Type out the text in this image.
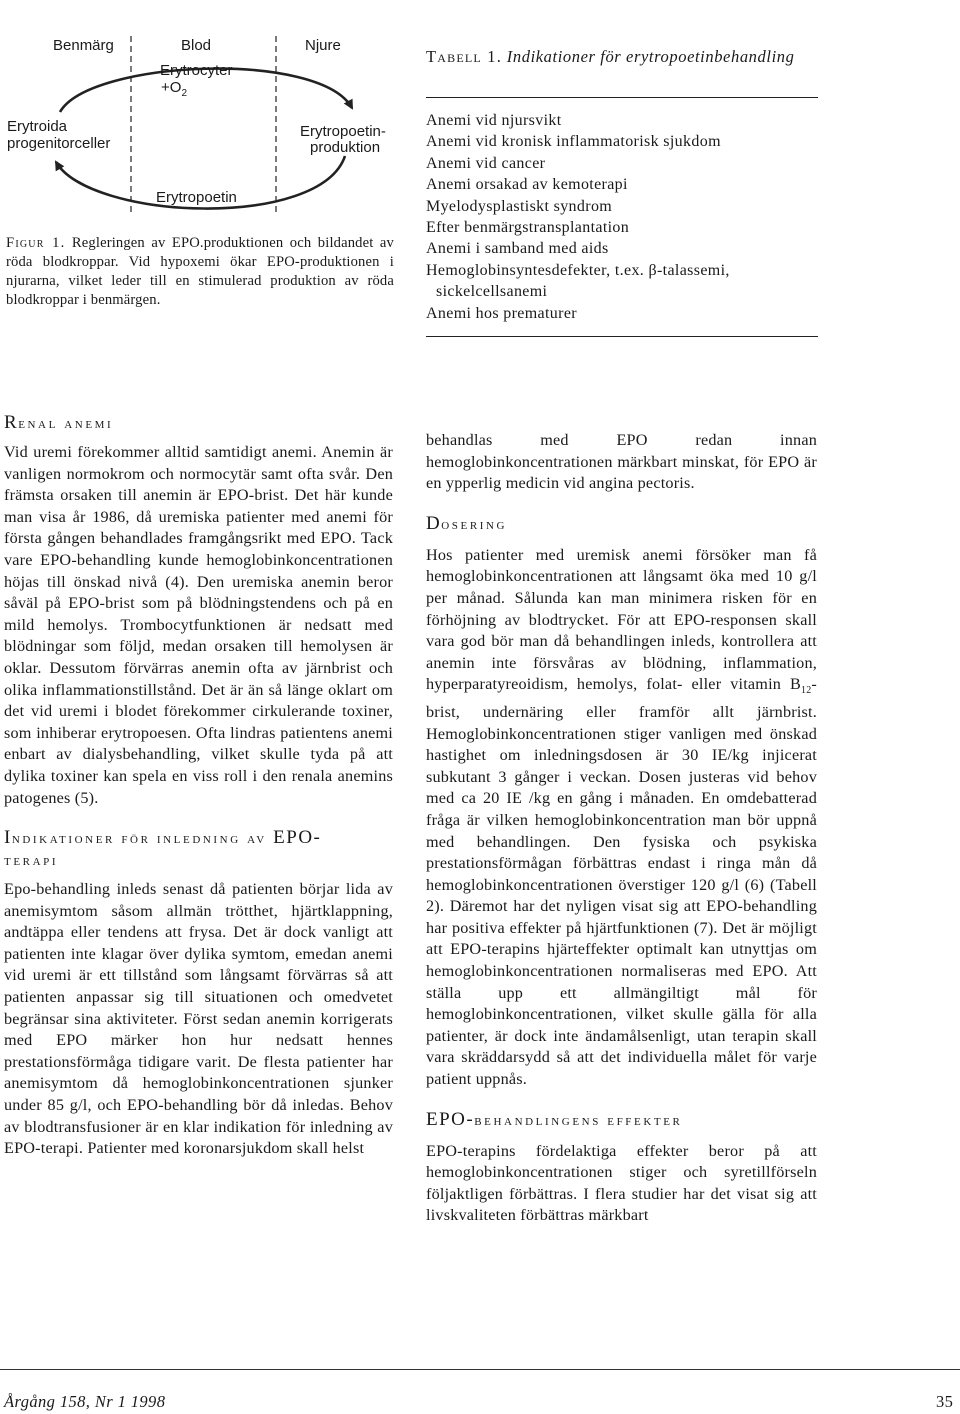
Benmärg	Blod	Njure
Erytrocyter
$+O_2$
Erytroida
progenitorceller
Erytropoetin-
produktion
Erytropoetin
Figur 1. Regleringen av EPO.produktionen och bildandet av röda blodkroppar. Vid hypoxemi ökar EPO-produktionen i njurarna, vilket leder till en stimulerad produktion av röda blodkroppar i benmärgen.
Tabell 1. Indikationer för erytropoetinbehandling
Anemi vid njursvikt
Anemi vid kronisk inflammatorisk sjukdom
Anemi vid cancer
Anemi orsakad av kemoterapi
Myelodysplastiskt syndrom
Efter benmärgstransplantation
Anemi i samband med aids
Hemoglobinsyntesdefekter, t.ex. β-talassemi,
sickelcellsanemi
Anemi hos prematurer
Renal anemi

Vid uremi förekommer alltid samtidigt anemi. Anemin är vanligen normokrom och normocytär samt ofta svår. Den främsta orsaken till anemin är EPO-brist. Det här kunde man visa år 1986, då uremiska patienter med anemi för första gången behandlades framgångsrikt med EPO. Tack vare EPO-behandling kunde hemoglobinkoncentrationen höjas till önskad nivå (4). Den uremiska anemin beror såväl på EPO-brist som på blödningstendens och på en mild hemolys. Trombocytfunktionen är nedsatt med blödningar som följd, medan orsaken till hemolysen är oklar. Dessutom förvärras anemin ofta av järnbrist och olika inflammationstillstånd. Det är än så länge oklart om det vid uremi i blodet förekommer cirkulerande toxiner, som inhiberar erytropoesen. Ofta lindras patientens anemi enbart av dialysbehandling, vilket skulle tyda på att dylika toxiner kan spela en viss roll i den renala anemins patogenes (5).

Indikationer för inledning av EPO-
terapi

Epo-behandling inleds senast då patienten börjar lida av anemisymtom såsom allmän trötthet, hjärtklappning, andtäppa eller tendens att frysa. Det är dock vanligt att patienten inte klagar över dylika symtom, emedan anemi vid uremi är ett tillstånd som långsamt förvärras så att patienten anpassar sig till situationen och omedvetet begränsar sina aktiviteter. Först sedan anemin korrigerats med EPO märker hon hur nedsatt hennes prestationsförmåga tidigare varit. De flesta patienter har anemisymtom då hemoglobinkoncentrationen sjunker under 85 g/l, och EPO-behandling bör då inledas. Behov av blodtransfusioner är en klar indikation för inledning av EPO-terapi. Patienter med koronarsjukdom skall helst

behandlas med EPO redan innan hemoglobinkoncentrationen märkbart minskat, för EPO är en ypperlig medicin vid angina pectoris.

Dosering

Hos patienter med uremisk anemi försöker man få hemoglobinkoncentrationen att långsamt öka med 10 g/l per månad. Sålunda kan man minimera risken för en förhöjning av blodtrycket. För att EPO-responsen skall vara god bör man då behandlingen inleds, kontrollera att anemin inte försvåras av blödning, inflammation, hyperparatyreoidism, hemolys, folat- eller vitamin $B_{12}$-brist, undernäring eller framför allt järnbrist. Hemoglobinkoncentrationen stiger vanligen med önskad hastighet om inledningsdosen är 30 IE/kg injicerat subkutant 3 gånger i veckan. Dosen justeras vid behov med ca 20 IE /kg en gång i månaden. En omdebatterad fråga är vilken hemoglobinkoncentration man bör uppnå med behandlingen. Den fysiska och psykiska prestationsförmågan förbättras endast i ringa mån då hemoglobinkoncentrationen överstiger 120 g/l (6) (Tabell 2). Däremot har det nyligen visat sig att EPO-behandling har positiva effekter på hjärtfunktionen (7). Det är möjligt att EPO-terapins hjärteffekter optimalt kan utnyttjas om hemoglobinkoncentrationen normaliseras med EPO. Att ställa upp ett allmängiltigt mål för hemoglobinkoncentrationen, vilket skulle gälla för alla patienter, är dock inte ändamålsenligt, utan terapin skall vara skräddarsydd så att det individuella målet för varje patient uppnås.

EPO-behandlingens effekter

EPO-terapins fördelaktiga effekter beror på att hemoglobinkoncentrationen stiger och syretillförseln följaktligen förbättras. I flera studier har det visat sig att livskvaliteten förbättras märkbart

Årgång 158, Nr 1 1998	35
